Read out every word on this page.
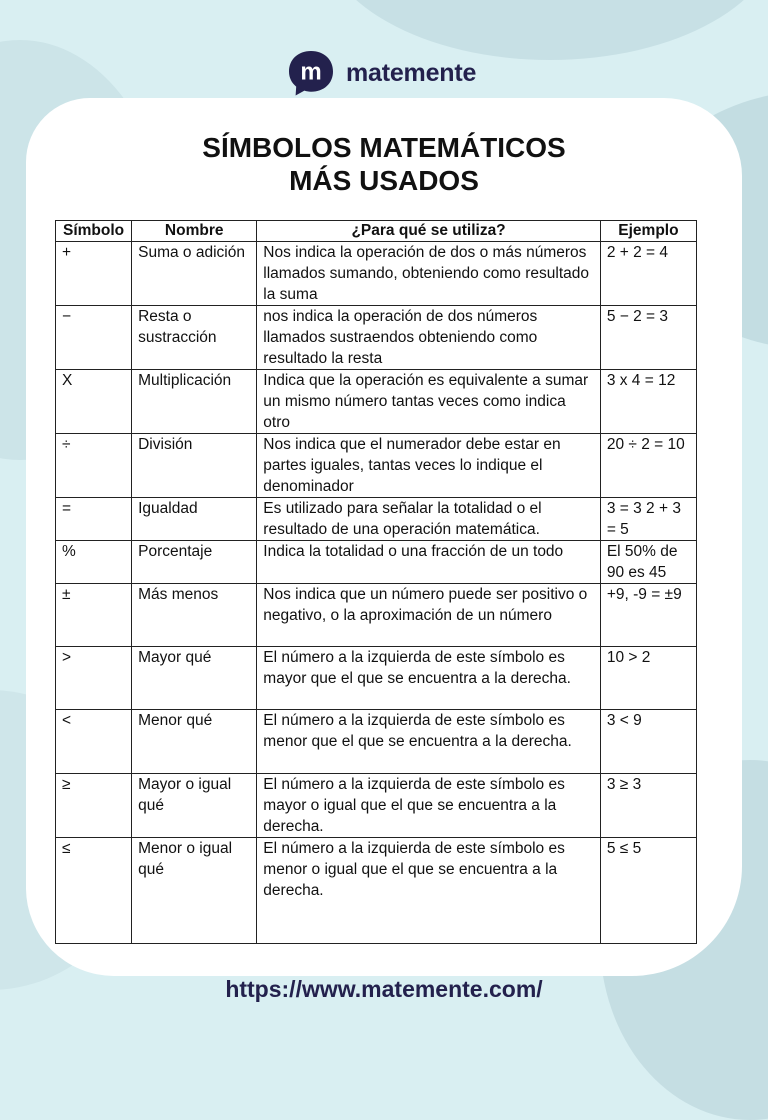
m matemente
SÍMBOLOS MATEMÁTICOS
MÁS USADOS
Símbolo	Nombre	¿Para qué se utiliza?	Ejemplo
+	Suma o adición	Nos indica la operación de dos o más números llamados sumando, obteniendo como resultado la suma	2 + 2 = 4
−	Resta o sustracción	nos indica la operación de dos números llamados sustraendos obteniendo como resultado la resta	5 − 2 = 3
X	Multiplicación	Indica que la operación es equivalente a sumar un mismo número tantas veces como indica otro	3 x 4 = 12
÷	División	Nos indica que el numerador debe estar en partes iguales, tantas veces lo indique el denominador	20 ÷ 2 = 10
=	Igualdad	Es utilizado para señalar la totalidad o el resultado de una operación matemática.	3 = 3 2 + 3 = 5
%	Porcentaje	Indica la totalidad o una fracción de un todo	El 50% de 90 es 45
±	Más menos	Nos indica que un número puede ser positivo o negativo, o la aproximación de un número	+9, -9 = ±9
>	Mayor qué	El número a la izquierda de este símbolo es mayor que el que se encuentra a la derecha.	10 > 2
<	Menor qué	El número a la izquierda de este símbolo es menor que el que se encuentra a la derecha.	3 < 9
≥	Mayor o igual qué	El número a la izquierda de este símbolo es mayor o igual que el que se encuentra a la derecha.	3 ≥ 3
≤	Menor o igual qué	El número a la izquierda de este símbolo es menor o igual que el que se encuentra a la derecha.	5 ≤ 5
https://www.matemente.com/
